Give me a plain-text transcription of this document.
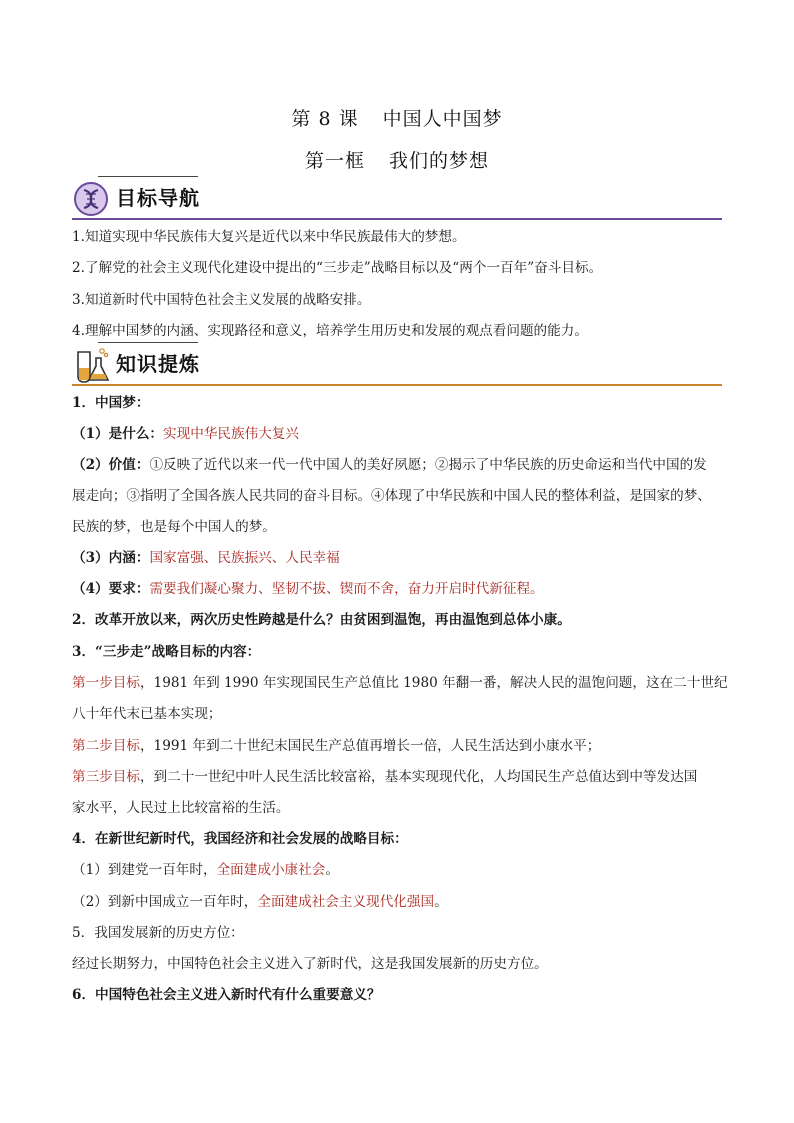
第 8 课 中国人中国梦
第一框 我们的梦想
目标导航
1.知道实现中华民族伟大复兴是近代以来中华民族最伟大的梦想。
2.了解党的社会主义现代化建设中提出的“三步走”战略目标以及“两个一百年”奋斗目标。
3.知道新时代中国特色社会主义发展的战略安排。
4.理解中国梦的内涵、实现路径和意义，培养学生用历史和发展的观点看问题的能力。
知识提炼
1．中国梦：
（1）是什么：实现中华民族伟大复兴
（2）价值：①反映了近代以来一代一代中国人的美好夙愿；②揭示了中华民族的历史命运和当代中国的发
展走向；③指明了全国各族人民共同的奋斗目标。④体现了中华民族和中国人民的整体利益，是国家的梦、
民族的梦，也是每个中国人的梦。
（3）内涵：国家富强、民族振兴、人民幸福
（4）要求：需要我们凝心聚力、坚韧不拔、锲而不舍，奋力开启时代新征程。
2．改革开放以来，两次历史性跨越是什么？由贫困到温饱，再由温饱到总体小康。
3．“三步走”战略目标的内容：
第一步目标，1981 年到 1990 年实现国民生产总值比 1980 年翻一番，解决人民的温饱问题，这在二十世纪
八十年代末已基本实现；
第二步目标，1991 年到二十世纪末国民生产总值再增长一倍，人民生活达到小康水平；
第三步目标，到二十一世纪中叶人民生活比较富裕，基本实现现代化，人均国民生产总值达到中等发达国
家水平，人民过上比较富裕的生活。
4．在新世纪新时代，我国经济和社会发展的战略目标：
（1）到建党一百年时，全面建成小康社会。
（2）到新中国成立一百年时，全面建成社会主义现代化强国。
5．我国发展新的历史方位：
经过长期努力，中国特色社会主义进入了新时代，这是我国发展新的历史方位。
6．中国特色社会主义进入新时代有什么重要意义？
